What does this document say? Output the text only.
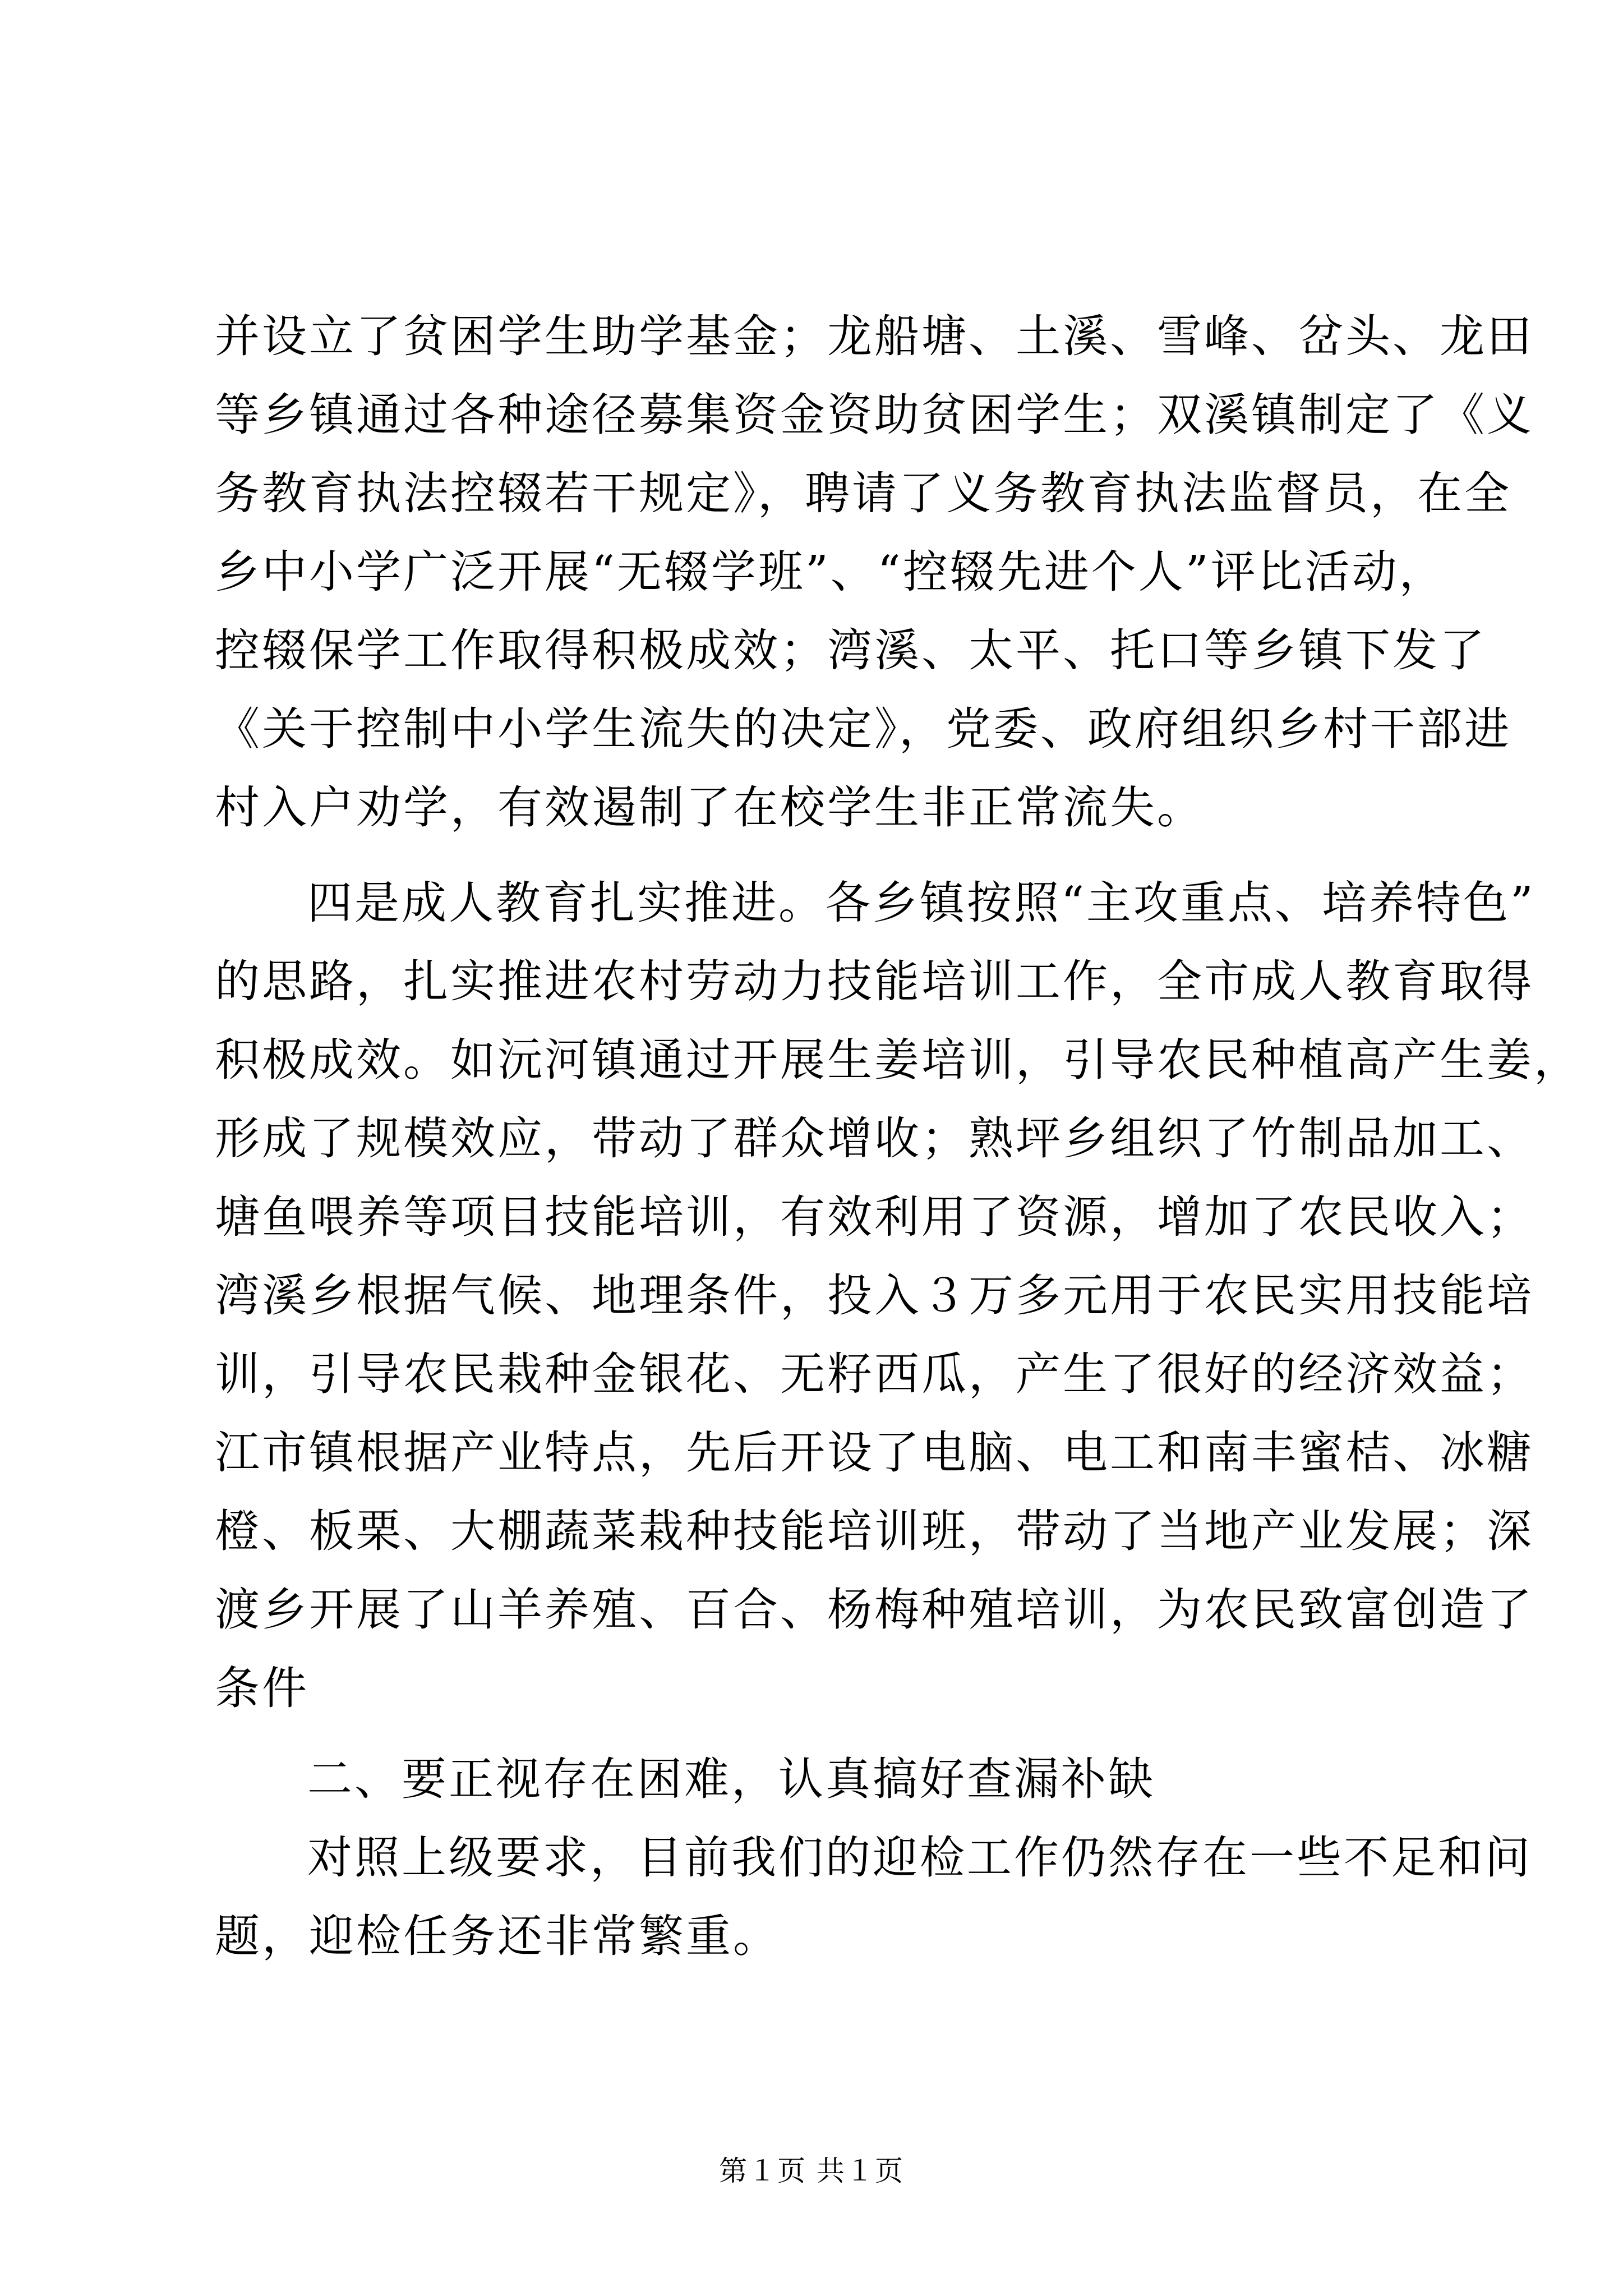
并设立了贫困学生助学基金；龙船塘、土溪、雪峰、岔头、龙田
等乡镇通过各种途径募集资金资助贫困学生；双溪镇制定了《义
务教育执法控辍若干规定》，聘请了义务教育执法监督员，在全
乡中小学广泛开展“无辍学班”、“控辍先进个人”评比活动，
控辍保学工作取得积极成效；湾溪、太平、托口等乡镇下发了
《关于控制中小学生流失的决定》，党委、政府组织乡村干部进
村入户劝学，有效遏制了在校学生非正常流失。
四是成人教育扎实推进。各乡镇按照“主攻重点、培养特色”
的思路，扎实推进农村劳动力技能培训工作，全市成人教育取得
积极成效。如沅河镇通过开展生姜培训，引导农民种植高产生姜，
形成了规模效应，带动了群众增收；熟坪乡组织了竹制品加工、
塘鱼喂养等项目技能培训，有效利用了资源，增加了农民收入；
湾溪乡根据气候、地理条件，投入３万多元用于农民实用技能培
训，引导农民栽种金银花、无籽西瓜，产生了很好的经济效益；
江市镇根据产业特点，先后开设了电脑、电工和南丰蜜桔、冰糖
橙、板栗、大棚蔬菜栽种技能培训班，带动了当地产业发展；深
渡乡开展了山羊养殖、百合、杨梅种殖培训，为农民致富创造了
条件
二、要正视存在困难，认真搞好查漏补缺
对照上级要求，目前我们的迎检工作仍然存在一些不足和问
题，迎检任务还非常繁重。
第１页 共１页
